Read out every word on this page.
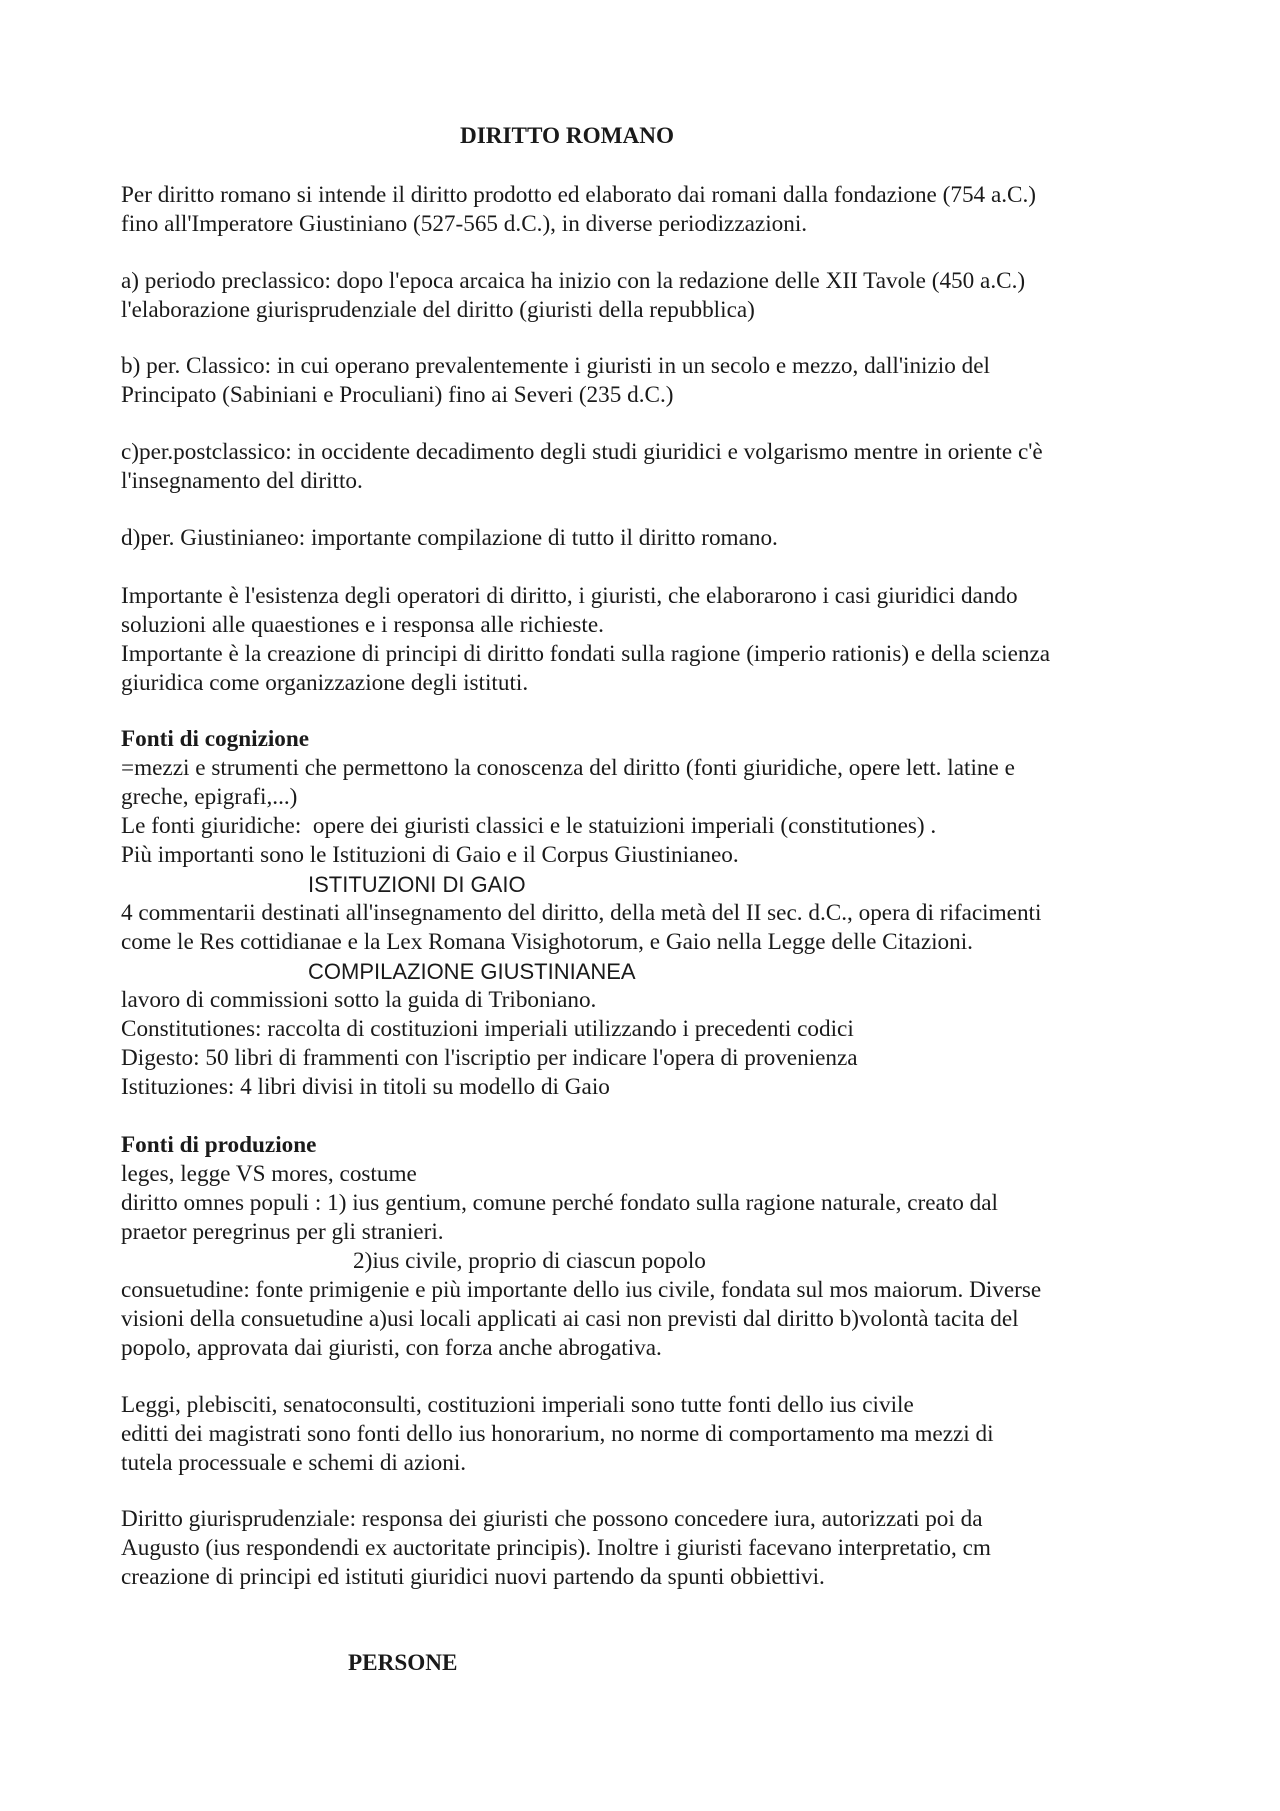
DIRITTO ROMANO
Per diritto romano si intende il diritto prodotto ed elaborato dai romani dalla fondazione (754 a.C.)
fino all'Imperatore Giustiniano (527-565 d.C.), in diverse periodizzazioni.
a) periodo preclassico: dopo l'epoca arcaica ha inizio con la redazione delle XII Tavole (450 a.C.)
l'elaborazione giurisprudenziale del diritto (giuristi della repubblica)
b) per. Classico: in cui operano prevalentemente i giuristi in un secolo e mezzo, dall'inizio del
Principato (Sabiniani e Proculiani) fino ai Severi (235 d.C.)
c)per.postclassico: in occidente decadimento degli studi giuridici e volgarismo mentre in oriente c'è
l'insegnamento del diritto.
d)per. Giustinianeo: importante compilazione di tutto il diritto romano.
Importante è l'esistenza degli operatori di diritto, i giuristi, che elaborarono i casi giuridici dando
soluzioni alle quaestiones e i responsa alle richieste.
Importante è la creazione di principi di diritto fondati sulla ragione (imperio rationis) e della scienza
giuridica come organizzazione degli istituti.
Fonti di cognizione
=mezzi e strumenti che permettono la conoscenza del diritto (fonti giuridiche, opere lett. latine e
greche, epigrafi,...)
Le fonti giuridiche:  opere dei giuristi classici e le statuizioni imperiali (constitutiones) .
Più importanti sono le Istituzioni di Gaio e il Corpus Giustinianeo.
ISTITUZIONI DI GAIO
4 commentarii destinati all'insegnamento del diritto, della metà del II sec. d.C., opera di rifacimenti
come le Res cottidianae e la Lex Romana Visighotorum, e Gaio nella Legge delle Citazioni.
COMPILAZIONE GIUSTINIANEA
lavoro di commissioni sotto la guida di Triboniano.
Constitutiones: raccolta di costituzioni imperiali utilizzando i precedenti codici
Digesto: 50 libri di frammenti con l'iscriptio per indicare l'opera di provenienza
Istituziones: 4 libri divisi in titoli su modello di Gaio
Fonti di produzione
leges, legge VS mores, costume
diritto omnes populi : 1) ius gentium, comune perché fondato sulla ragione naturale, creato dal
praetor peregrinus per gli stranieri.
2)ius civile, proprio di ciascun popolo
consuetudine: fonte primigenie e più importante dello ius civile, fondata sul mos maiorum. Diverse
visioni della consuetudine a)usi locali applicati ai casi non previsti dal diritto b)volontà tacita del
popolo, approvata dai giuristi, con forza anche abrogativa.
Leggi, plebisciti, senatoconsulti, costituzioni imperiali sono tutte fonti dello ius civile
editti dei magistrati sono fonti dello ius honorarium, no norme di comportamento ma mezzi di
tutela processuale e schemi di azioni.
Diritto giurisprudenziale: responsa dei giuristi che possono concedere iura, autorizzati poi da
Augusto (ius respondendi ex auctoritate principis). Inoltre i giuristi facevano interpretatio, cm
creazione di principi ed istituti giuridici nuovi partendo da spunti obbiettivi.
PERSONE
